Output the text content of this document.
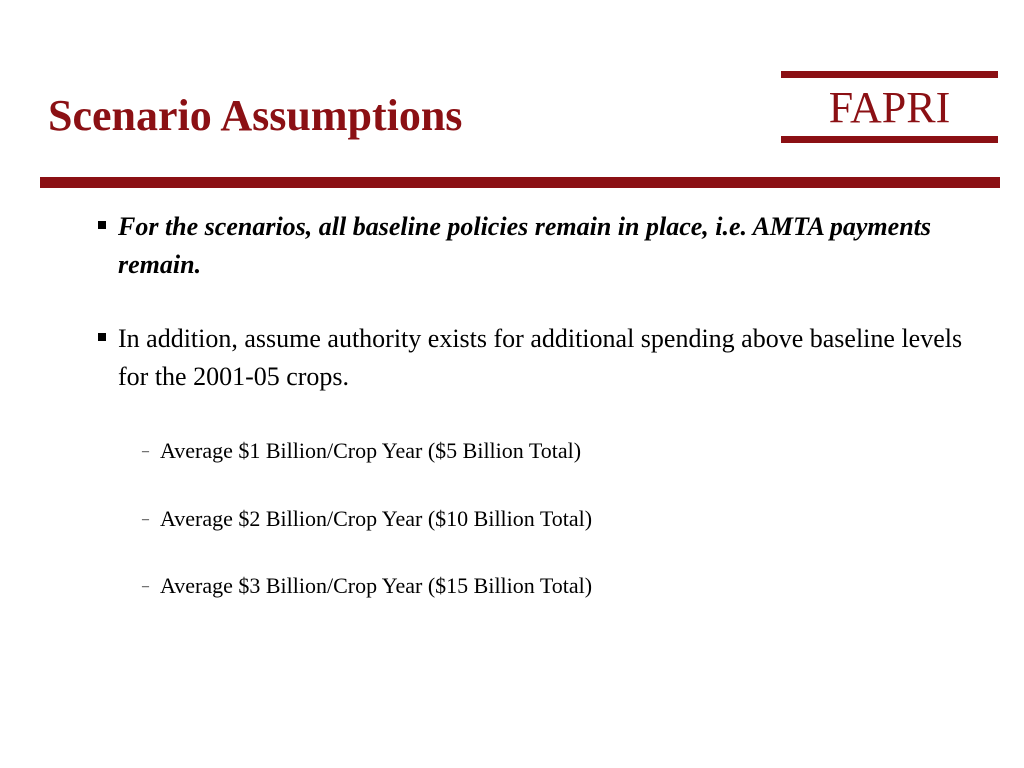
Scenario Assumptions	FAPRI
For the scenarios, all baseline policies remain in place, i.e. AMTA payments remain.
In addition, assume authority exists for additional spending above baseline levels for the 2001-05 crops.
– Average $1 Billion/Crop Year ($5 Billion Total)
– Average $2 Billion/Crop Year ($10 Billion Total)
– Average $3 Billion/Crop Year ($15 Billion Total)
